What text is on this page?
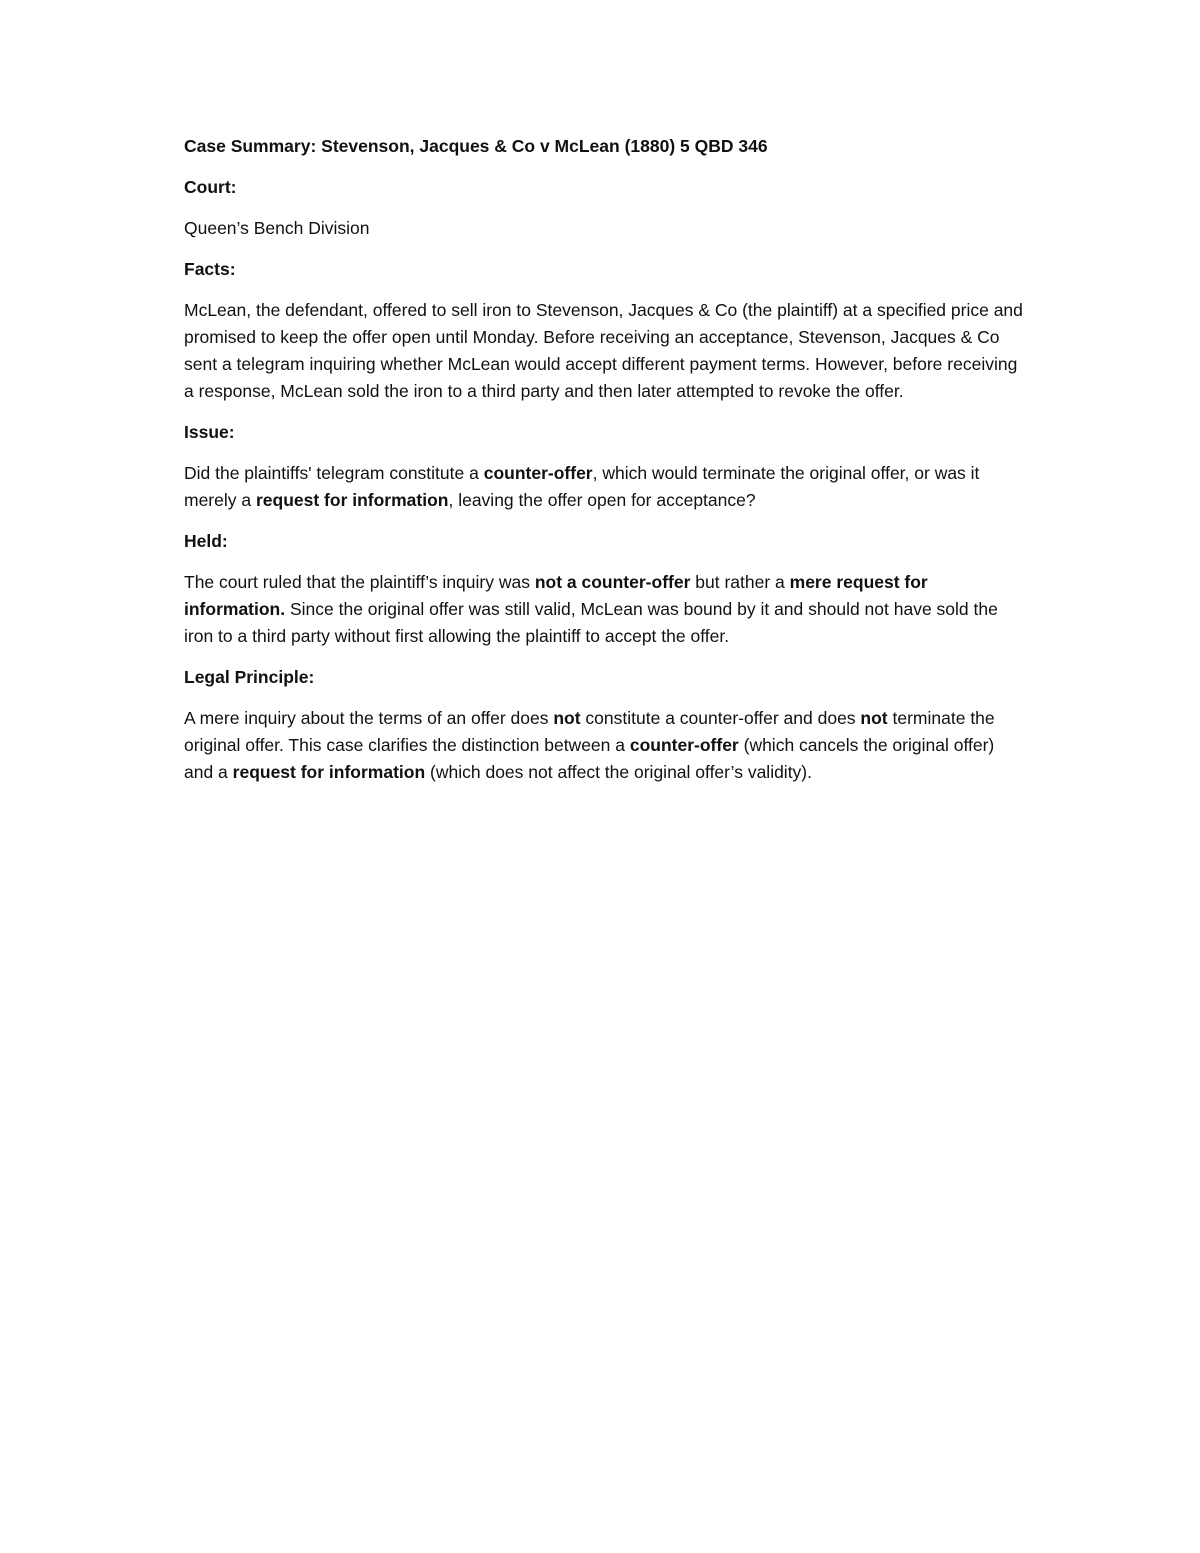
Case Summary: Stevenson, Jacques & Co v McLean (1880) 5 QBD 346

Court:

Queen’s Bench Division

Facts:

McLean, the defendant, offered to sell iron to Stevenson, Jacques & Co (the plaintiff) at a specified price and promised to keep the offer open until Monday. Before receiving an acceptance, Stevenson, Jacques & Co sent a telegram inquiring whether McLean would accept different payment terms. However, before receiving a response, McLean sold the iron to a third party and then later attempted to revoke the offer.

Issue:

Did the plaintiffs' telegram constitute a counter-offer, which would terminate the original offer, or was it merely a request for information, leaving the offer open for acceptance?

Held:

The court ruled that the plaintiff’s inquiry was not a counter-offer but rather a mere request for information. Since the original offer was still valid, McLean was bound by it and should not have sold the iron to a third party without first allowing the plaintiff to accept the offer.

Legal Principle:

A mere inquiry about the terms of an offer does not constitute a counter-offer and does not terminate the original offer. This case clarifies the distinction between a counter-offer (which cancels the original offer) and a request for information (which does not affect the original offer’s validity).
